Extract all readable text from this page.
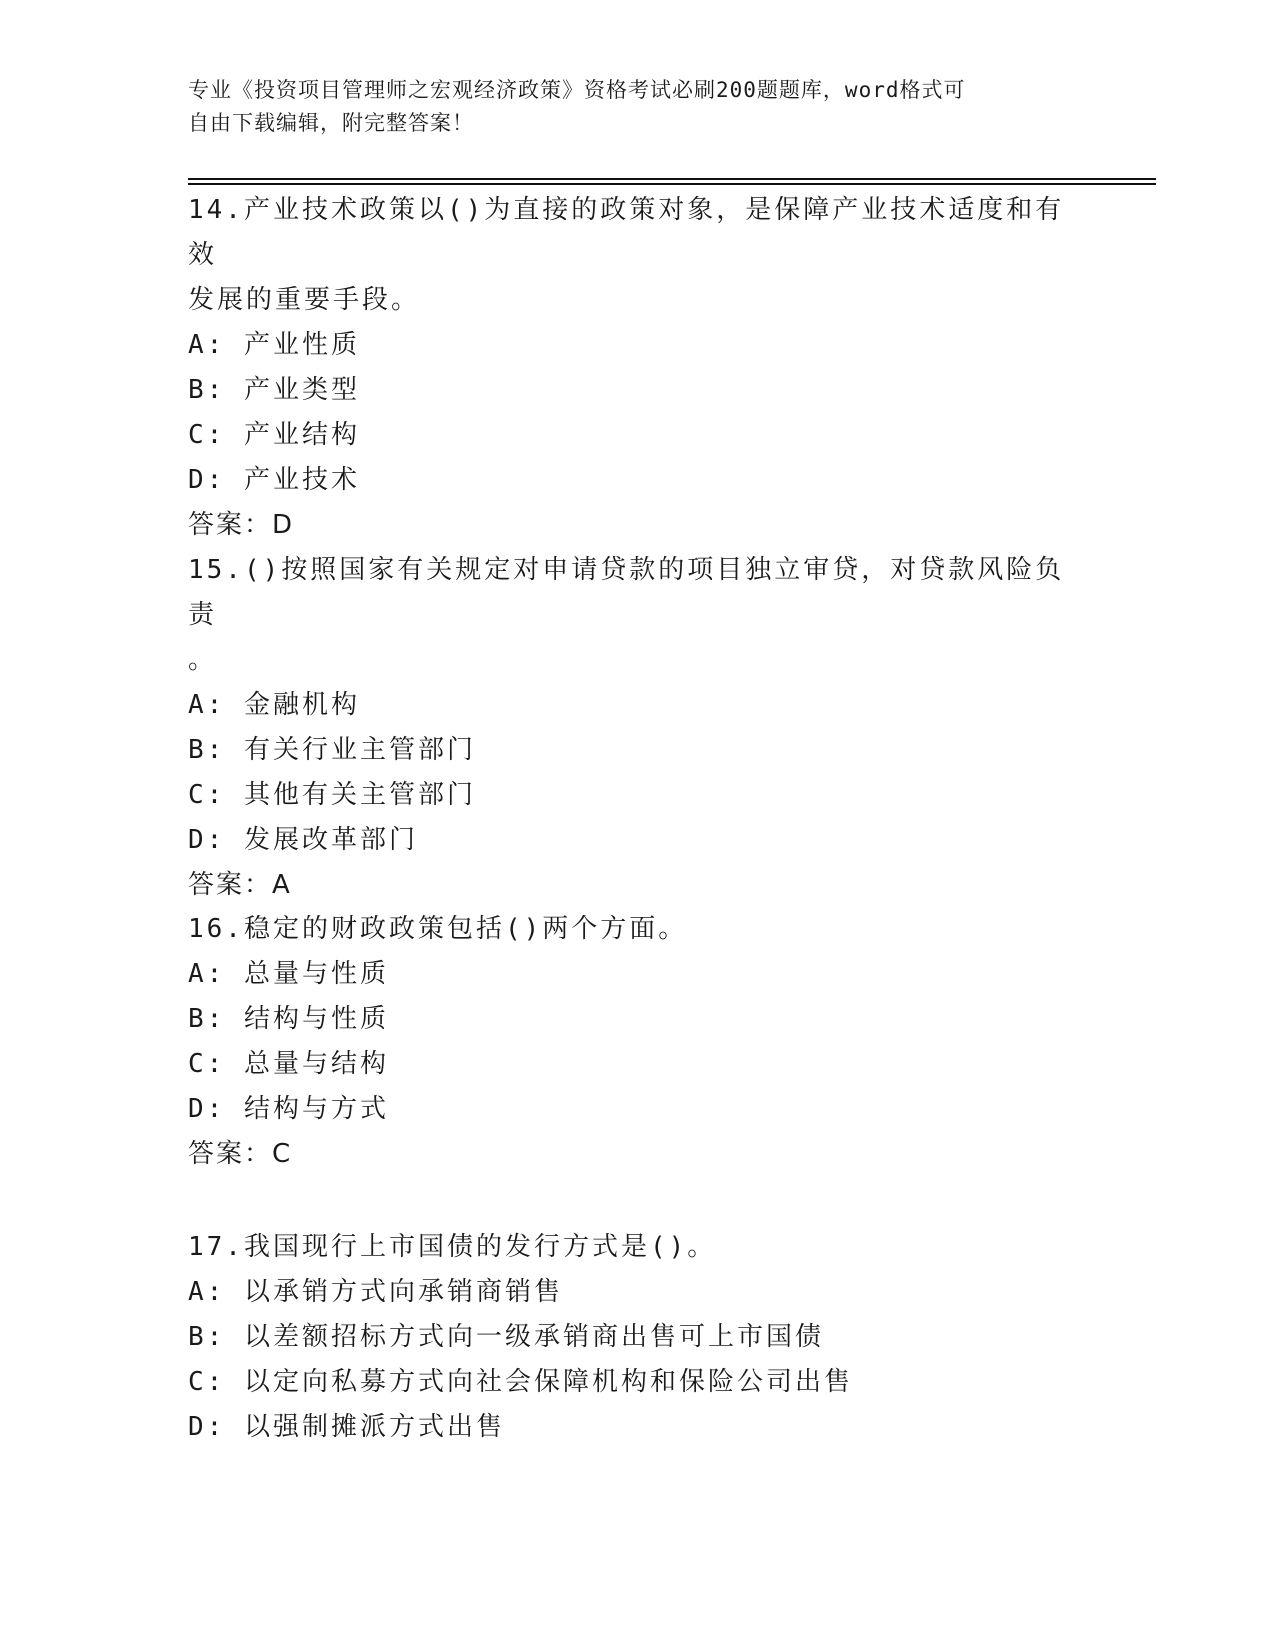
专业《投资项目管理师之宏观经济政策》资格考试必刷200题题库，word格式可
自由下载编辑，附完整答案！

14.产业技术政策以()为直接的政策对象，是保障产业技术适度和有效

发展的重要手段。

A: 产业性质

B: 产业类型

C: 产业结构

D: 产业技术

答案：D

15.()按照国家有关规定对申请贷款的项目独立审贷，对贷款风险负责

。

A: 金融机构

B: 有关行业主管部门

C: 其他有关主管部门

D: 发展改革部门

答案：A

16.稳定的财政政策包括()两个方面。

A: 总量与性质

B: 结构与性质

C: 总量与结构

D: 结构与方式

答案：C

17.我国现行上市国债的发行方式是()。

A: 以承销方式向承销商销售

B: 以差额招标方式向一级承销商出售可上市国债

C: 以定向私募方式向社会保障机构和保险公司出售

D: 以强制摊派方式出售
